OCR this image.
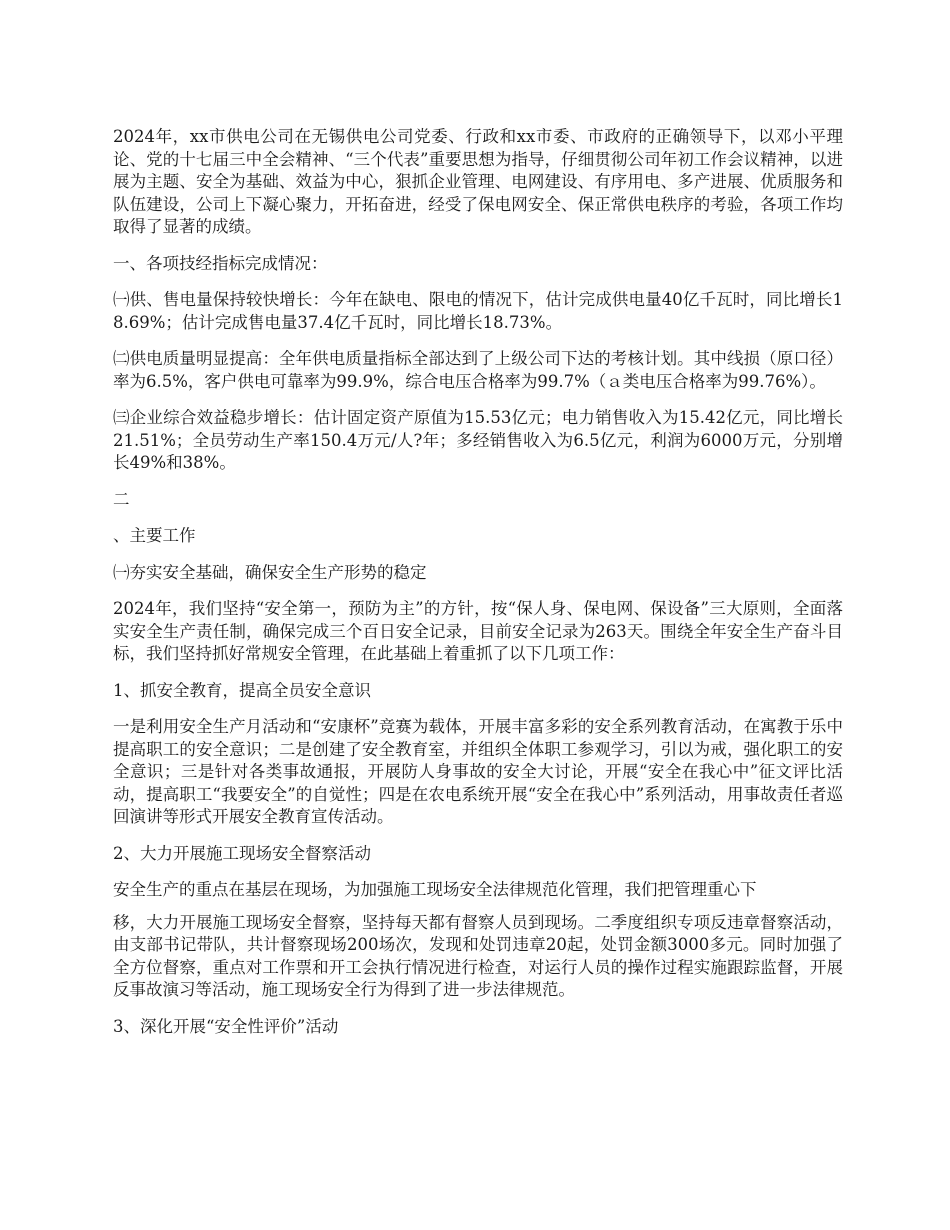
2024年，xx市供电公司在无锡供电公司党委、行政和xx市委、市政府的正确领导下，以邓小平理论、党的十七届三中全会精神、“三个代表”重要思想为指导，仔细贯彻公司年初工作会议精神，以进展为主题、安全为基础、效益为中心，狠抓企业管理、电网建设、有序用电、多产进展、优质服务和队伍建设，公司上下凝心聚力，开拓奋进，经受了保电网安全、保正常供电秩序的考验，各项工作均取得了显著的成绩。

一、各项技经指标完成情况：

㈠供、售电量保持较快增长：今年在缺电、限电的情况下，估计完成供电量40亿千瓦时，同比增长18.69%；估计完成售电量37.4亿千瓦时，同比增长18.73%。

㈡供电质量明显提高：全年供电质量指标全部达到了上级公司下达的考核计划。其中线损（原口径）率为6.5%，客户供电可靠率为99.9%，综合电压合格率为99.7%（ａ类电压合格率为99.76%）。

㈢企业综合效益稳步增长：估计固定资产原值为15.53亿元；电力销售收入为15.42亿元，同比增长21.51%；全员劳动生产率150.4万元/人?年；多经销售收入为6.5亿元，利润为6000万元，分别增长49%和38%。

二

、主要工作

㈠夯实安全基础，确保安全生产形势的稳定

2024年，我们坚持“安全第一，预防为主”的方针，按“保人身、保电网、保设备”三大原则，全面落实安全生产责任制，确保完成三个百日安全记录，目前安全记录为263天。围绕全年安全生产奋斗目标，我们坚持抓好常规安全管理，在此基础上着重抓了以下几项工作：

1、抓安全教育，提高全员安全意识

一是利用安全生产月活动和“安康杯”竞赛为载体，开展丰富多彩的安全系列教育活动，在寓教于乐中提高职工的安全意识；二是创建了安全教育室，并组织全体职工参观学习，引以为戒，强化职工的安全意识；三是针对各类事故通报，开展防人身事故的安全大讨论，开展“安全在我心中”征文评比活动，提高职工“我要安全”的自觉性；四是在农电系统开展“安全在我心中”系列活动，用事故责任者巡回演讲等形式开展安全教育宣传活动。

2、大力开展施工现场安全督察活动

安全生产的重点在基层在现场，为加强施工现场安全法律规范化管理，我们把管理重心下

移，大力开展施工现场安全督察，坚持每天都有督察人员到现场。二季度组织专项反违章督察活动，由支部书记带队，共计督察现场200场次，发现和处罚违章20起，处罚金额3000多元。同时加强了全方位督察，重点对工作票和开工会执行情况进行检查，对运行人员的操作过程实施跟踪监督，开展反事故演习等活动，施工现场安全行为得到了进一步法律规范。

3、深化开展“安全性评价”活动
